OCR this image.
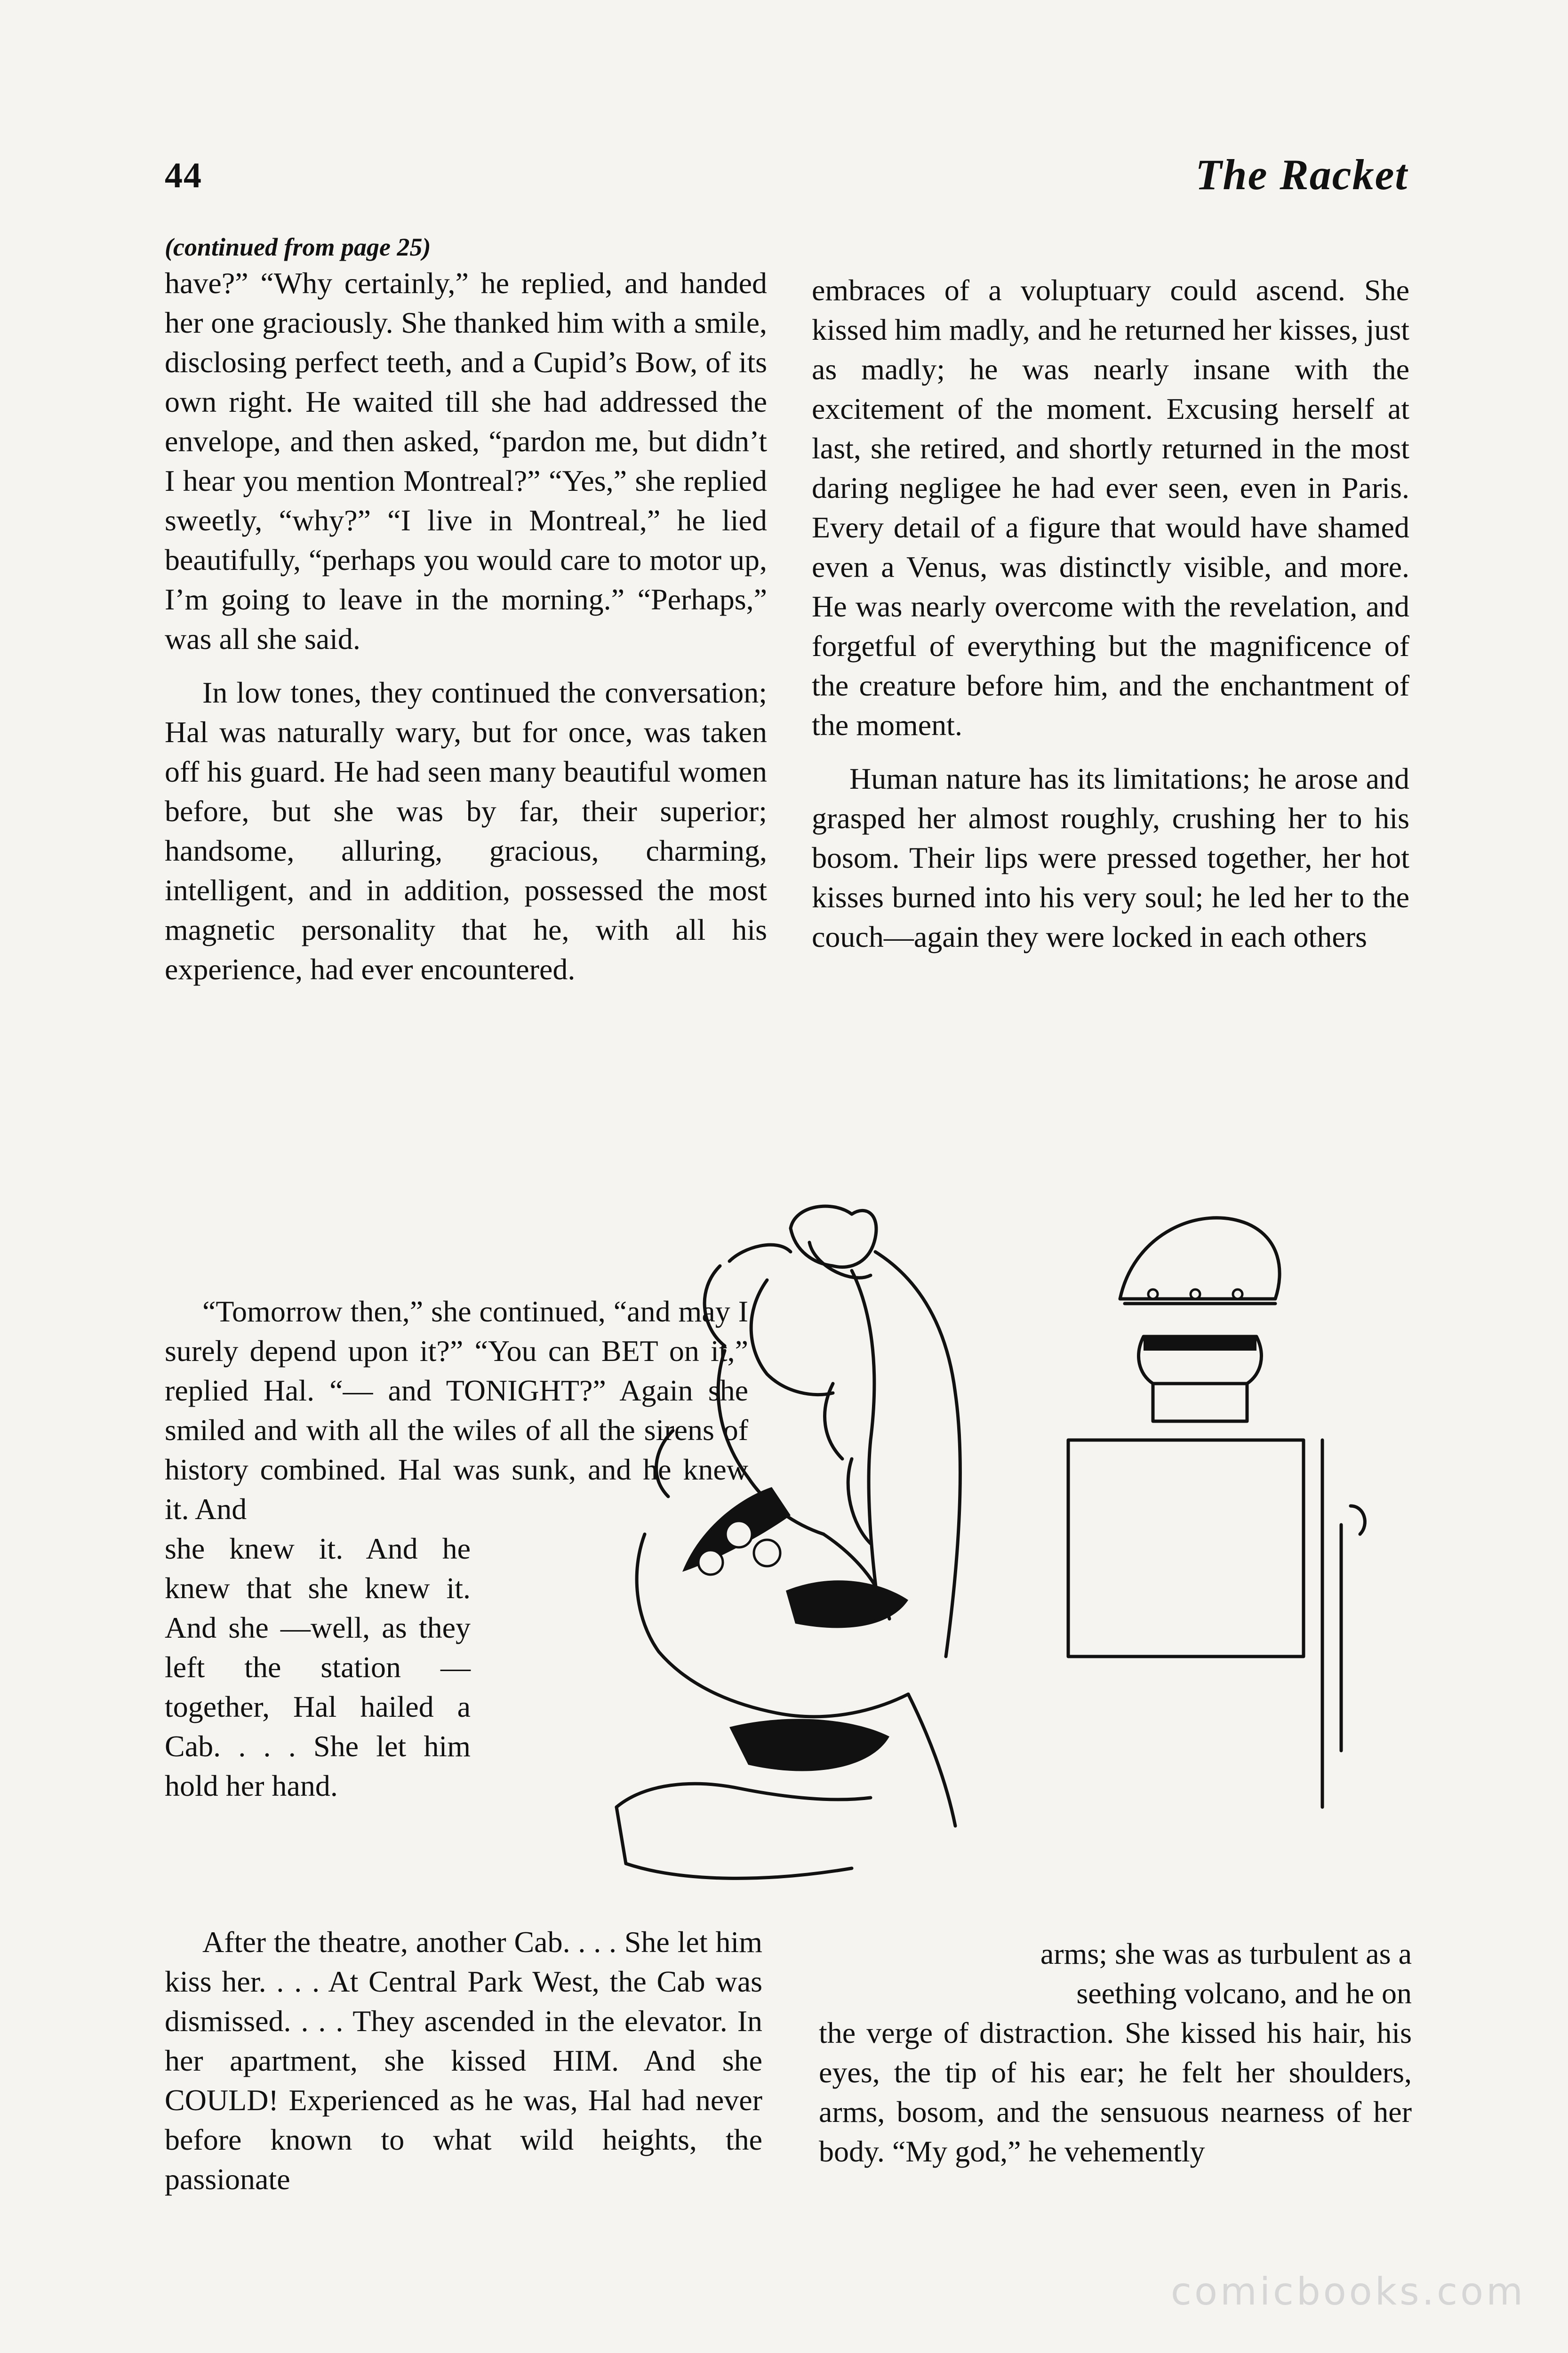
44	The Racket

(continued from page 25)

have?” “Why certainly,” he replied, and handed her one graciously. She thanked him with a smile, disclosing perfect teeth, and a Cupid’s Bow, of its own right. He waited till she had addressed the envelope, and then asked, “pardon me, but didn’t I hear you mention Montreal?” “Yes,” she replied sweetly, “why?” “I live in Montreal,” he lied beautifully, “perhaps you would care to motor up, I’m going to leave in the morning.” “Perhaps,” was all she said.

In low tones, they continued the conversation; Hal was naturally wary, but for once, was taken off his guard. He had seen many beautiful women before, but she was by far, their superior; handsome, alluring, gracious, charming, intelligent, and in addition, possessed the most magnetic personality that he, with all his experience, had ever encountered.

“Tomorrow then,” she continued, “and may I surely depend upon it?” “You can BET on it,” replied Hal. “— and TONIGHT?” Again she smiled and with all the wiles of all the sirens of history combined. Hal was sunk, and he knew it. And

she knew it. And he knew that she knew it. And she —well, as they left the station — together, Hal hailed a Cab. . . . She let him hold her hand.

After the theatre, another Cab. . . . She let him kiss her. . . . At Central Park West, the Cab was dismissed. . . . They ascended in the elevator. In her apartment, she kissed HIM. And she COULD! Experienced as he was, Hal had never before known to what wild heights, the passionate

embraces of a voluptuary could ascend. She kissed him madly, and he returned her kisses, just as madly; he was nearly insane with the excitement of the moment. Excusing herself at last, she retired, and shortly returned in the most daring negligee he had ever seen, even in Paris. Every detail of a figure that would have shamed even a Venus, was distinctly visible, and more. He was nearly overcome with the revelation, and forgetful of everything but the magnificence of the creature before him, and the enchantment of the moment.

Human nature has its limitations; he arose and grasped her almost roughly, crushing her to his bosom. Their lips were pressed together, her hot kisses burned into his very soul; he led her to the couch—again they were locked in each others

arms; she was as turbulent as a seething volcano, and he on

the verge of distraction. She kissed his hair, his eyes, the tip of his ear; he felt her shoulders, arms, bosom, and the sensuous nearness of her body. “My god,” he vehemently

comicbooks.com
